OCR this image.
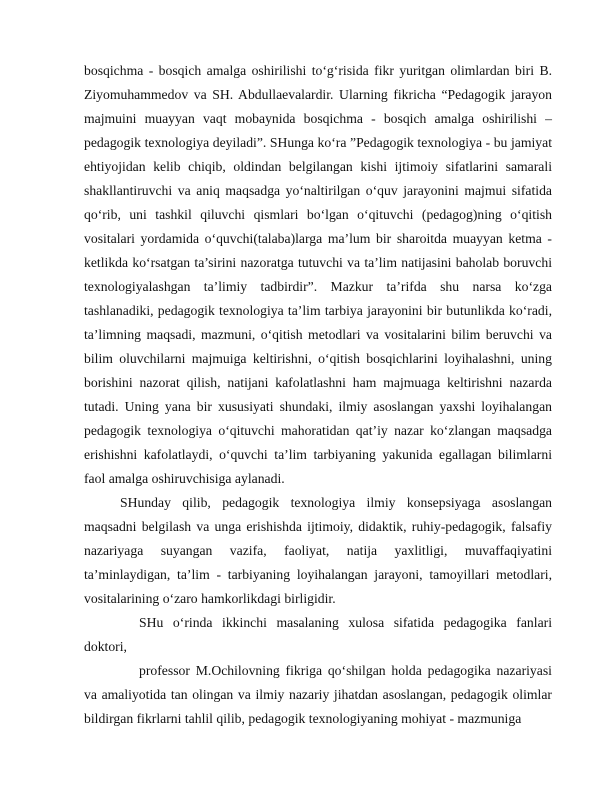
bosqichma - bosqich amalga oshirilishi to‘g‘risida fikr yuritgan olimlardan biri B. Ziyomuhammedov va SH. Abdullaevalardir. Ularning fikricha “Pedagogik jarayon majmuini muayyan vaqt mobaynida bosqichma - bosqich amalga oshirilishi – pedagogik texnologiya deyiladi”. SHunga ko‘ra ”Pedagogik texnologiya - bu jamiyat ehtiyojidan kelib chiqib, oldindan belgilangan kishi ijtimoiy sifatlarini samarali shakllantiruvchi va aniq maqsadga yo‘naltirilgan o‘quv jarayonini majmui sifatida qo‘rib, uni tashkil qiluvchi qismlari bo‘lgan o‘qituvchi (pedagog)ning o‘qitish vositalari yordamida o‘quvchi(talaba)larga ma’lum bir sharoitda muayyan ketma - ketlikda ko‘rsatgan ta’sirini nazoratga tutuvchi va ta’lim natijasini baholab boruvchi texnologiyalashgan ta’limiy tadbirdir”. Mazkur ta’rifda shu narsa ko‘zga tashlanadiki, pedagogik texnologiya ta’lim tarbiya jarayonini bir butunlikda ko‘radi, ta’limning maqsadi, mazmuni, o‘qitish metodlari va vositalarini bilim beruvchi va bilim oluvchilarni majmuiga keltirishni, o‘qitish bosqichlarini loyihalashni, uning borishini nazorat qilish, natijani kafolatlashni ham majmuaga keltirishni nazarda tutadi. Uning yana bir xususiyati shundaki, ilmiy asoslangan yaxshi loyihalangan pedagogik texnologiya o‘qituvchi mahoratidan qat’iy nazar ko‘zlangan maqsadga erishishni kafolatlaydi, o‘quvchi ta’lim tarbiyaning yakunida egallagan bilimlarni faol amalga oshiruvchisiga aylanadi.

SHunday qilib, pedagogik texnologiya ilmiy konsepsiyaga asoslangan maqsadni belgilash va unga erishishda ijtimoiy, didaktik, ruhiy-pedagogik, falsafiy nazariyaga suyangan vazifa, faoliyat, natija yaxlitligi, muvaffaqiyatini ta’minlaydigan, ta’lim - tarbiyaning loyihalangan jarayoni, tamoyillari metodlari, vositalarining o‘zaro hamkorlikdagi birligidir.

SHu o‘rinda ikkinchi masalaning xulosa sifatida pedagogika fanlari doktori,

professor M.Ochilovning fikriga qo‘shilgan holda pedagogika nazariyasi va amaliyotida tan olingan va ilmiy nazariy jihatdan asoslangan, pedagogik olimlar bildirgan fikrlarni tahlil qilib, pedagogik texnologiyaning mohiyat - mazmuniga
